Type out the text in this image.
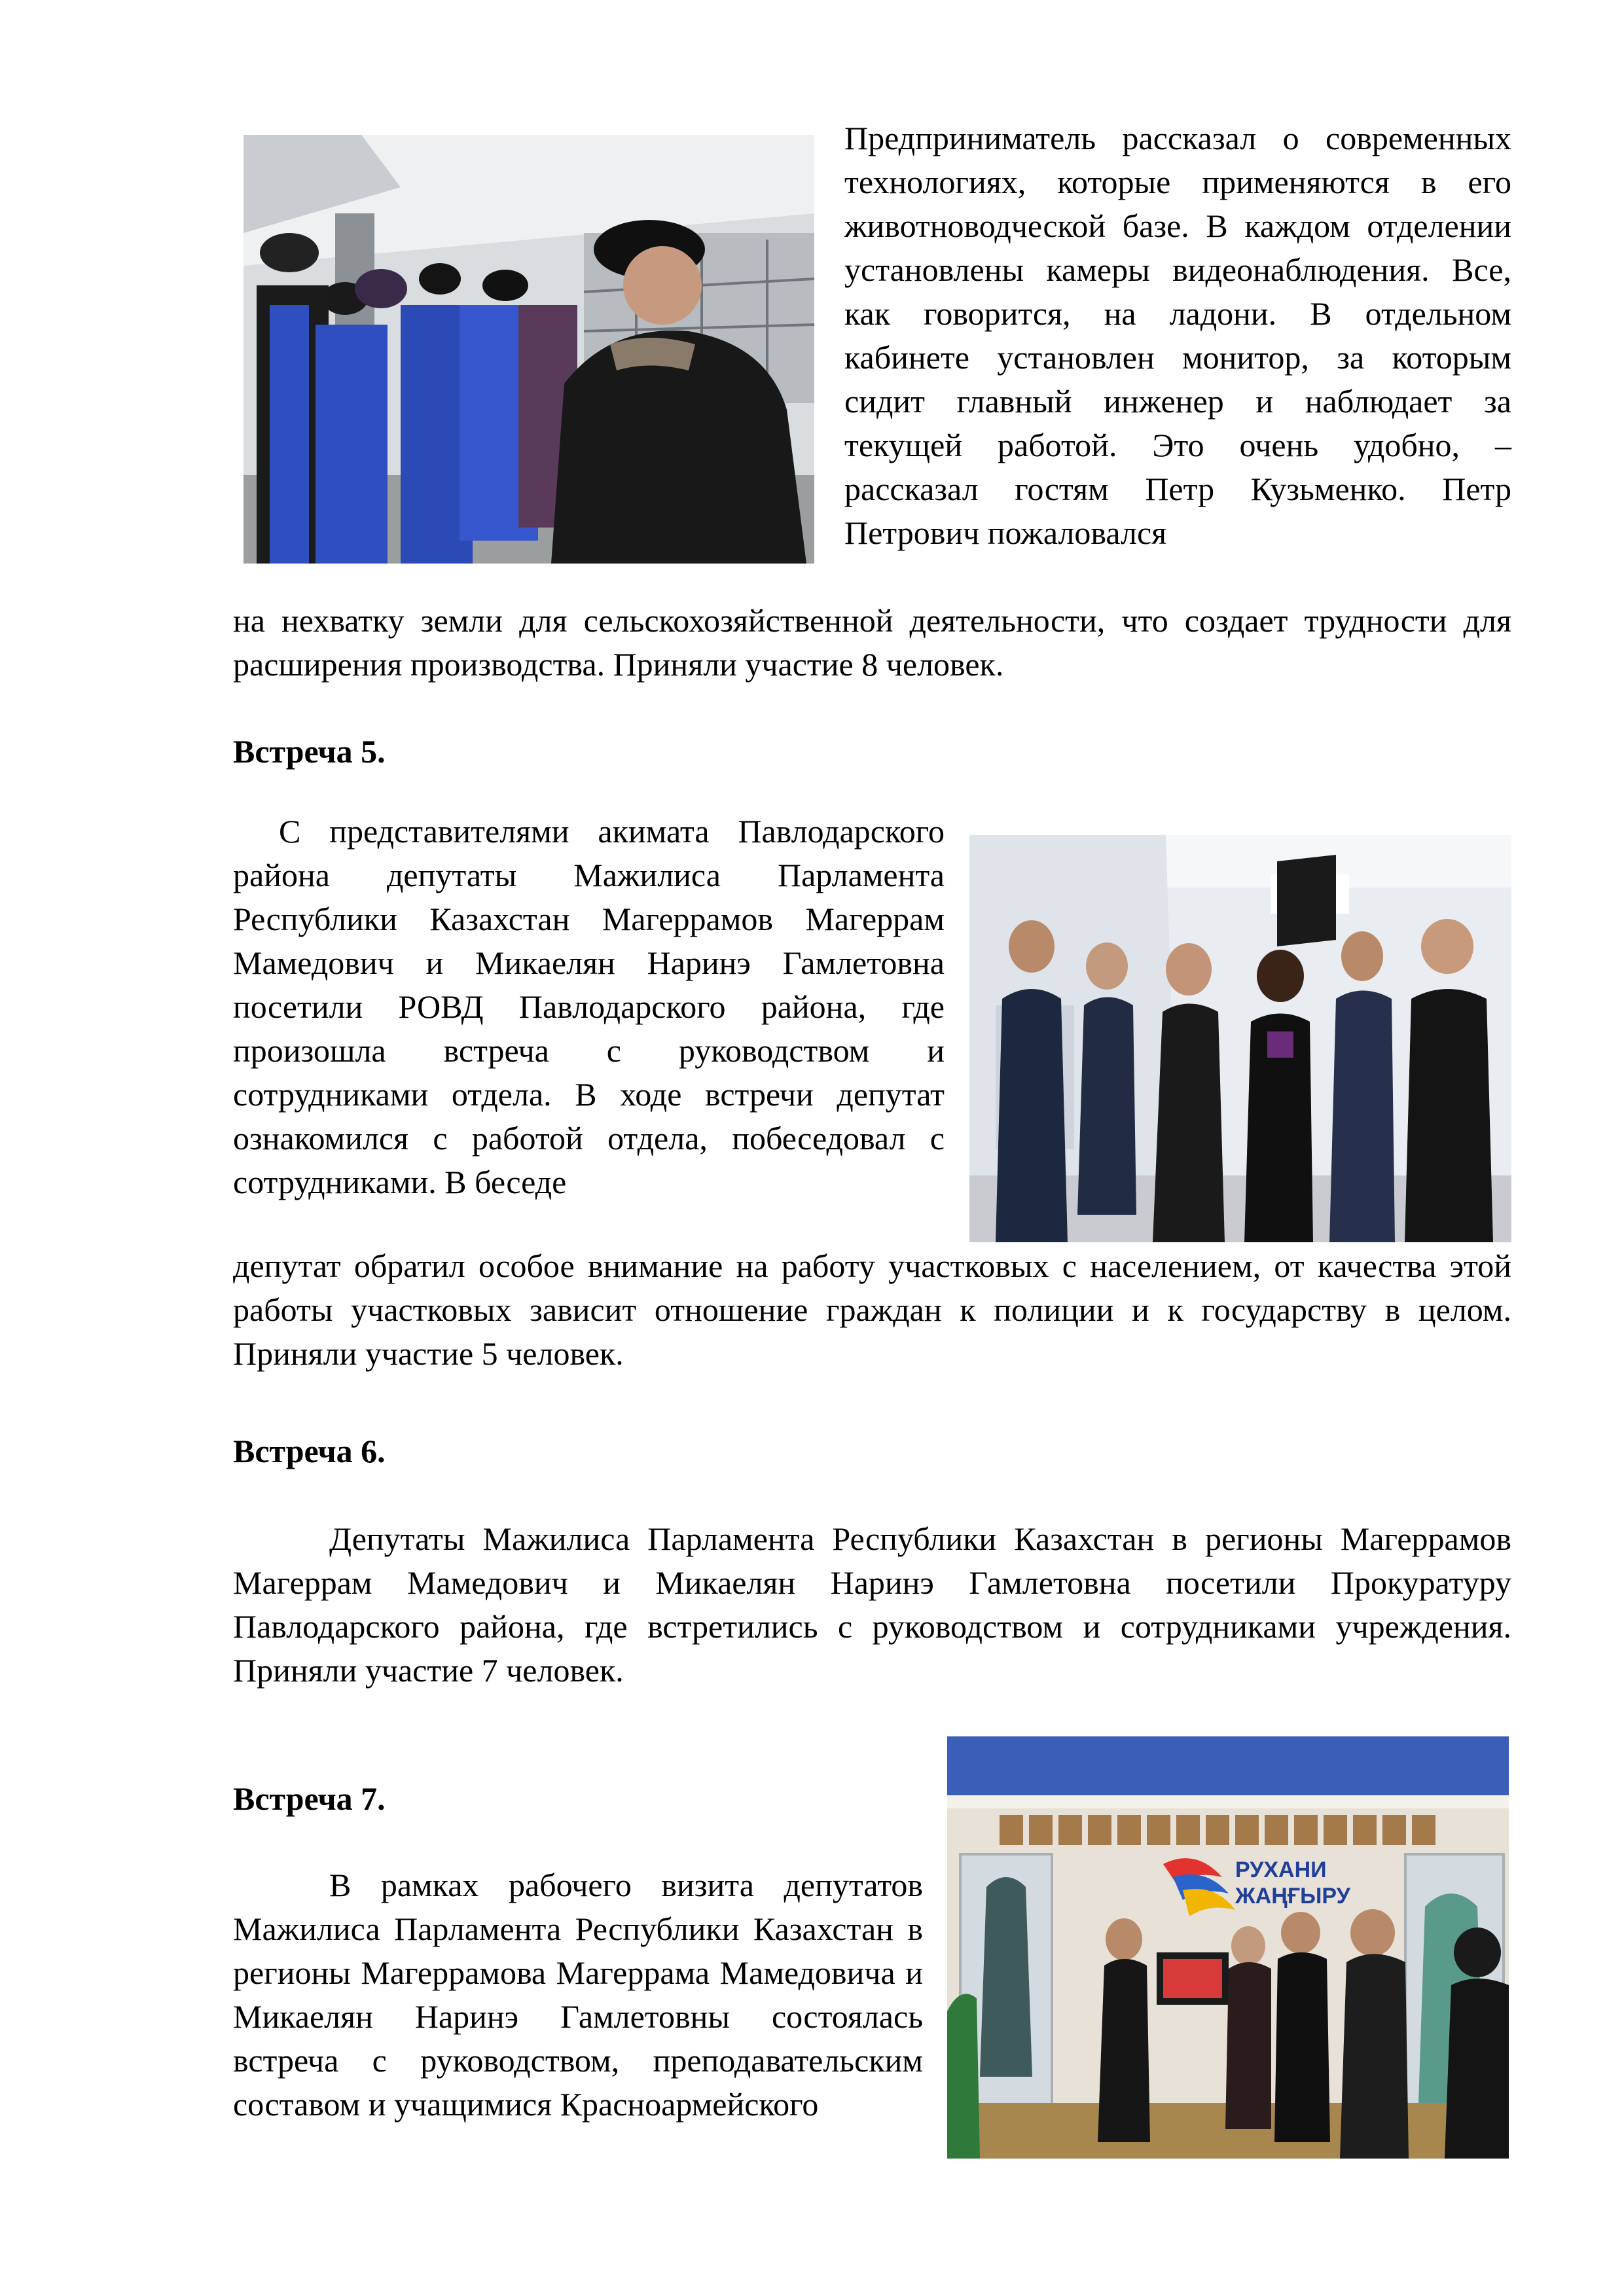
Предприниматель рассказал о современных технологиях, которые применяются в его животноводческой базе. В каждом отделении установлены камеры видеонаблюдения. Все, как говорится, на ладони. В отдельном кабинете установлен монитор, за которым сидит главный инженер и наблюдает за текущей работой. Это очень удобно, – рассказал гостям Петр Кузьменко. Петр Петрович пожаловался

на нехватку земли для сельскохозяйственной деятельности, что создает трудности для расширения производства. Приняли участие 8 человек.

Встреча 5.

С представителями акимата Павлодарского района депутаты Мажилиса Парламента Республики Казахстан Магеррамов Магеррам Мамедович и Микаелян Наринэ Гамлетовна посетили РОВД Павлодарского района, где произошла встреча с руководством и сотрудниками отдела. В ходе встречи депутат ознакомился с работой отдела, побеседовал с сотрудниками. В беседе

депутат обратил особое внимание на работу участковых с населением, от качества этой работы участковых зависит отношение граждан к полиции и к государству в целом. Приняли участие 5 человек.

Встреча 6.

Депутаты Мажилиса Парламента Республики Казахстан в регионы Магеррамов Магеррам Мамедович и Микаелян Наринэ Гамлетовна посетили Прокуратуру Павлодарского района, где встретились с руководством и сотрудниками учреждения. Приняли участие 7 человек.

РУХАНИ
ЖАҢҒЫРУ
Встреча 7.

В рамках рабочего визита депутатов Мажилиса Парламента Республики Казахстан в регионы Магеррамова Магеррама Мамедовича и Микаелян Наринэ Гамлетовны состоялась встреча с руководством, преподавательским составом и учащимися Красноармейского
